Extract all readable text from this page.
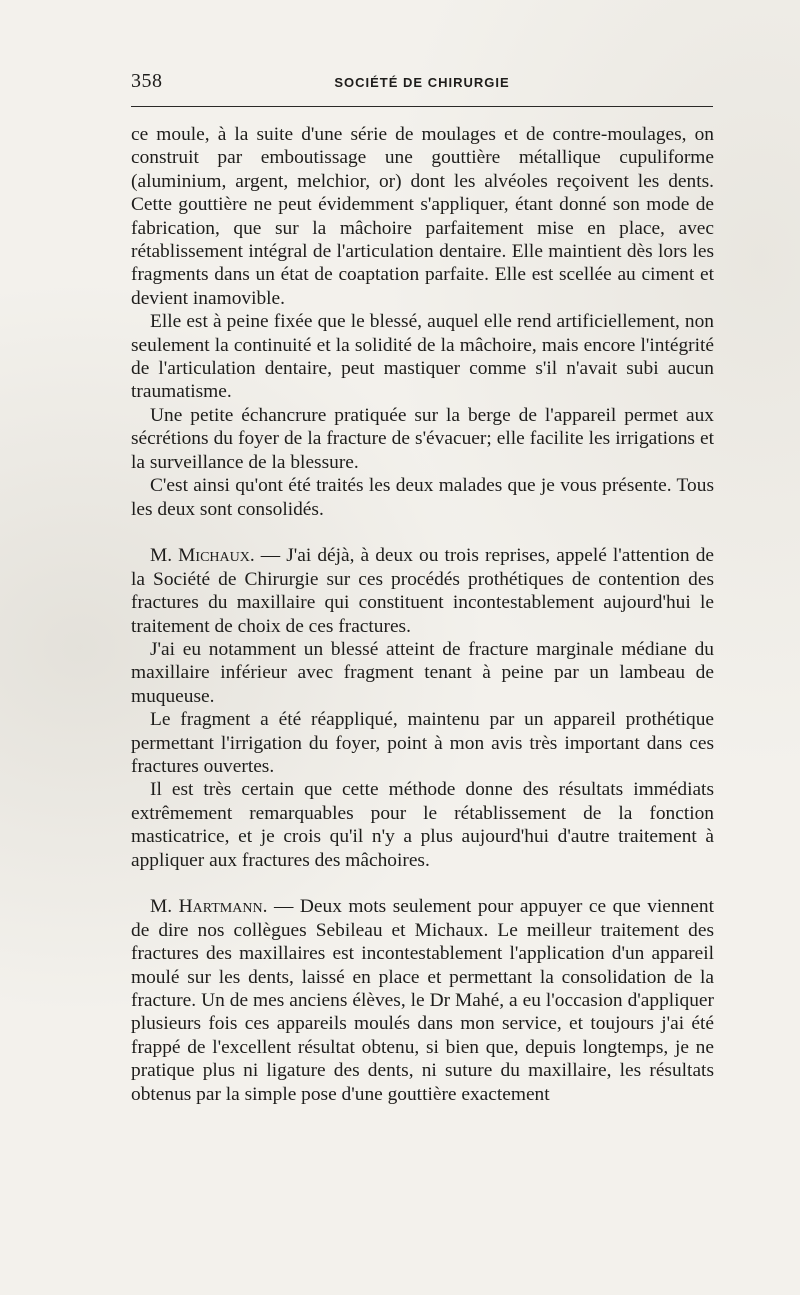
358	SOCIÉTÉ DE CHIRURGIE

ce moule, à la suite d'une série de moulages et de contre-moulages, on construit par emboutissage une gouttière métallique cupuliforme (aluminium, argent, melchior, or) dont les alvéoles reçoivent les dents. Cette gouttière ne peut évidemment s'appliquer, étant donné son mode de fabrication, que sur la mâchoire parfaitement mise en place, avec rétablissement intégral de l'articulation dentaire. Elle maintient dès lors les fragments dans un état de coaptation parfaite. Elle est scellée au ciment et devient inamovible.

Elle est à peine fixée que le blessé, auquel elle rend artificiellement, non seulement la continuité et la solidité de la mâchoire, mais encore l'intégrité de l'articulation dentaire, peut mastiquer comme s'il n'avait subi aucun traumatisme.

Une petite échancrure pratiquée sur la berge de l'appareil permet aux sécrétions du foyer de la fracture de s'évacuer; elle facilite les irrigations et la surveillance de la blessure.

C'est ainsi qu'ont été traités les deux malades que je vous présente. Tous les deux sont consolidés.

M. Michaux. — J'ai déjà, à deux ou trois reprises, appelé l'attention de la Société de Chirurgie sur ces procédés prothétiques de contention des fractures du maxillaire qui constituent incontestablement aujourd'hui le traitement de choix de ces fractures.

J'ai eu notamment un blessé atteint de fracture marginale médiane du maxillaire inférieur avec fragment tenant à peine par un lambeau de muqueuse.

Le fragment a été réappliqué, maintenu par un appareil prothétique permettant l'irrigation du foyer, point à mon avis très important dans ces fractures ouvertes.

Il est très certain que cette méthode donne des résultats immédiats extrêmement remarquables pour le rétablissement de la fonction masticatrice, et je crois qu'il n'y a plus aujourd'hui d'autre traitement à appliquer aux fractures des mâchoires.

M. Hartmann. — Deux mots seulement pour appuyer ce que viennent de dire nos collègues Sebileau et Michaux. Le meilleur traitement des fractures des maxillaires est incontestablement l'application d'un appareil moulé sur les dents, laissé en place et permettant la consolidation de la fracture. Un de mes anciens élèves, le Dr Mahé, a eu l'occasion d'appliquer plusieurs fois ces appareils moulés dans mon service, et toujours j'ai été frappé de l'excellent résultat obtenu, si bien que, depuis longtemps, je ne pratique plus ni ligature des dents, ni suture du maxillaire, les résultats obtenus par la simple pose d'une gouttière exactement
